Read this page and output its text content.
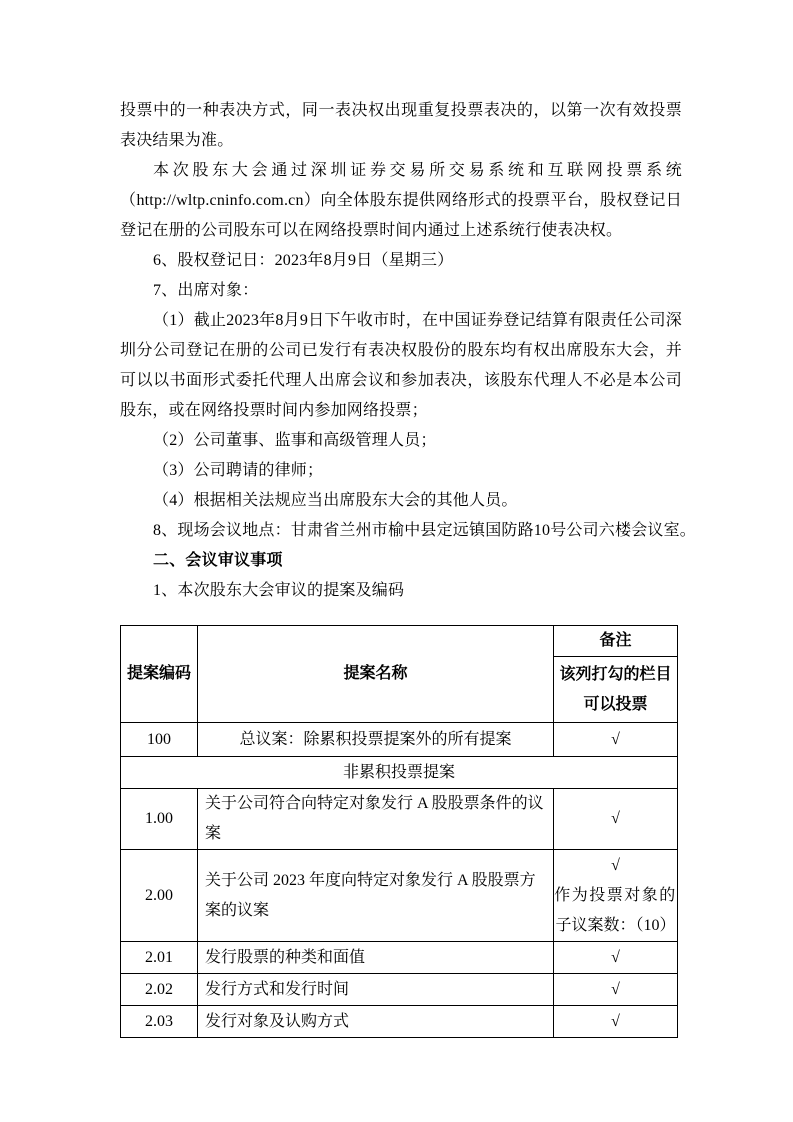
投票中的一种表决方式，同一表决权出现重复投票表决的，以第一次有效投票表决结果为准。

本次股东大会通过深圳证券交易所交易系统和互联网投票系统（http://wltp.cninfo.com.cn）向全体股东提供网络形式的投票平台，股权登记日登记在册的公司股东可以在网络投票时间内通过上述系统行使表决权。

6、股权登记日：2023年8月9日（星期三）

7、出席对象：

（1）截止2023年8月9日下午收市时，在中国证券登记结算有限责任公司深圳分公司登记在册的公司已发行有表决权股份的股东均有权出席股东大会，并可以以书面形式委托代理人出席会议和参加表决，该股东代理人不必是本公司股东，或在网络投票时间内参加网络投票；

（2）公司董事、监事和高级管理人员；

（3）公司聘请的律师；

（4）根据相关法规应当出席股东大会的其他人员。

8、现场会议地点：甘肃省兰州市榆中县定远镇国防路10号公司六楼会议室。

二、会议审议事项

1、本次股东大会审议的提案及编码

提案编码	提案名称	备注

		该列打勾的栏目
可以投票

100	总议案：除累积投票提案外的所有提案	√
非累积投票提案		
1.00	关于公司符合向特定对象发行 A 股股票条件的议案	√
2.00	关于公司 2023 年度向特定对象发行 A 股股票方案的议案	√
作为投票对象的
子议案数：（10）

2.01	发行股票的种类和面值	√
2.02	发行方式和发行时间	√
2.03	发行对象及认购方式	√
